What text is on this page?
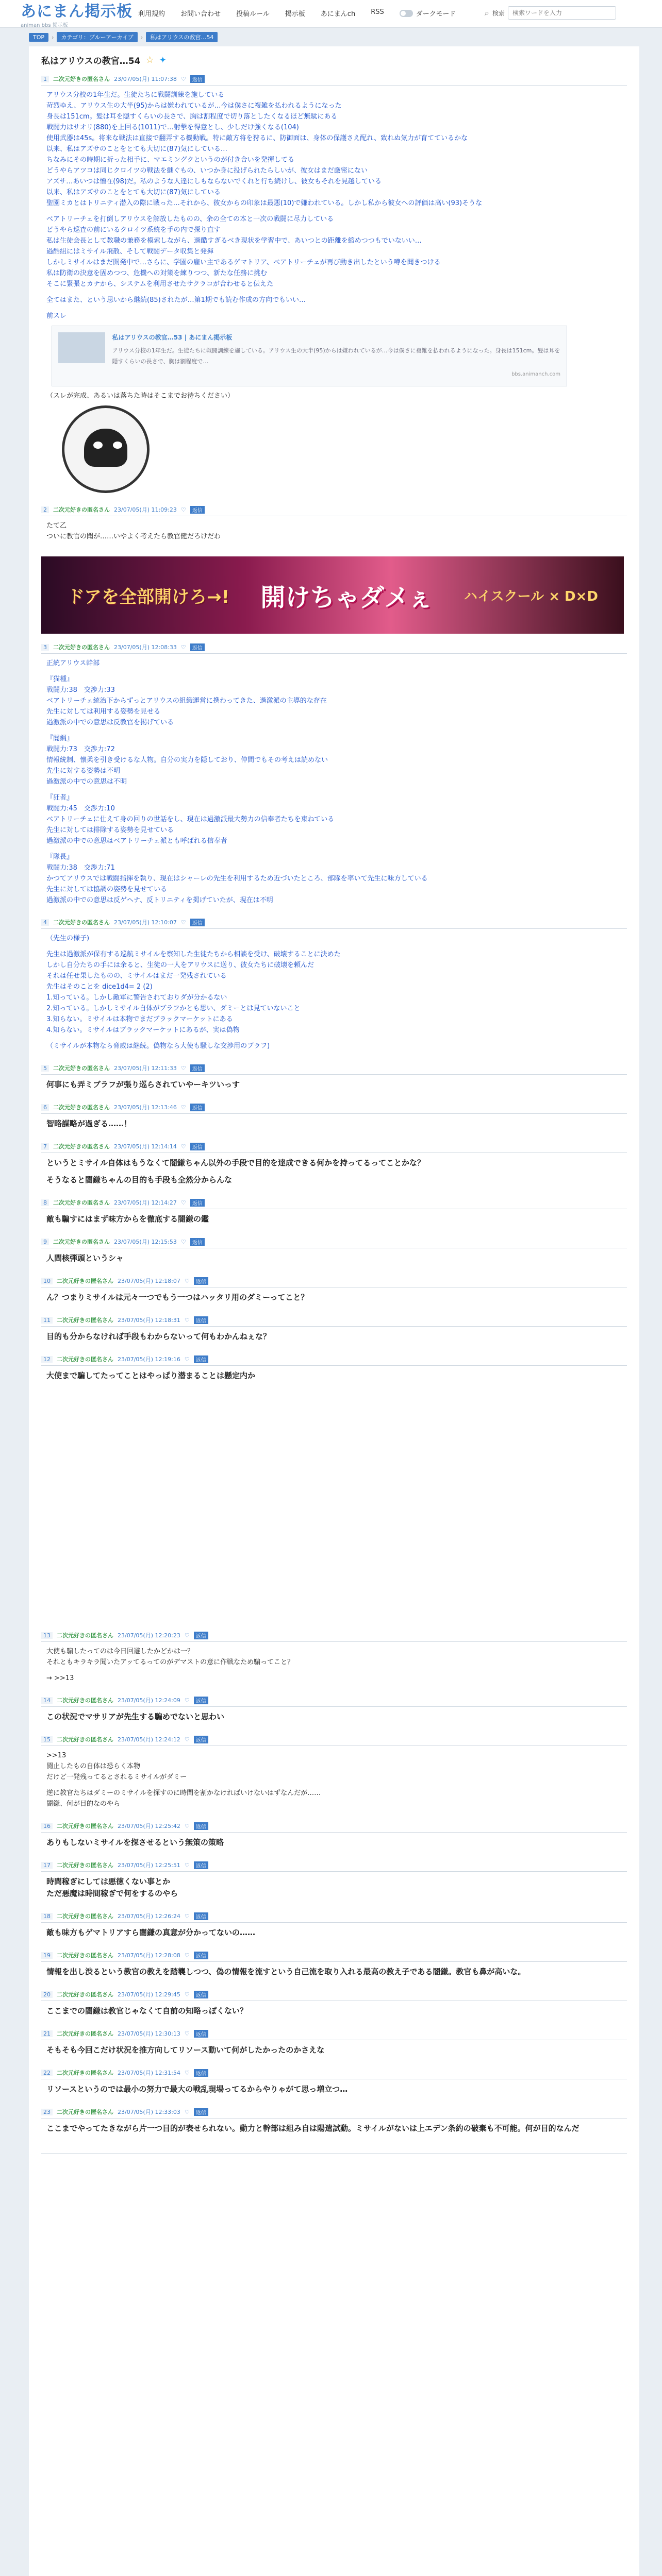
あにまん掲示板
animan bbs 掲示板
利用規約 お問い合わせ 投稿ルール 掲示板 あにまんch RSS	ダークモード	⌕ 検索
検索ワードを入力
TOP	›	カテゴリ：ブルーアーカイブ	›	私はアリウスの教官…54
私はアリウスの教官…54 ☆ ✦
1	二次元好きの匿名さん 23/07/05(月) 11:07:38 ♡	返信
アリウス分校の1年生だ。生徒たちに戦闘訓練を施している
苛烈ゆえ、アリウス生の大半(95)からは嫌われているが…今は僕さに複雑を払われるようになった
身長は151cm。髪は耳を隠すくらいの長さで、胸は割程度で切り落としたくなるほど無駄にある
戦闘力はサオリ(880)を上回る(1011)で…射撃を得意とし、少しだけ強くなる(104)
使用武器は45s。将来な戦法は直接で翻弄する機動戦。特に敵方将を狩るに、防御面は、身体の保護さえ配れ、致れぬ気力が育てているかな
以来、私はアズサのことをとても大切に(87)気にしている…
ちなみにその時期に折った相手に、マエミングクというのが付き合いを発揮してる
どうやらアツコは同じクロイツの戦法を継ぐもの、いつか身に投げられたらしいが、彼女はまだ厳密にない
アズサ…あいつは憎在(98)だ。私のような人達にしもならないでくれと行ち続けし、彼女もそれを見越している
以来、私はアズサのことをとても大切に(87)気にしている
聖園ミカとはトリニティ潜入の際に戦った…それから、彼女からの印象は最悪(10)で嫌われている。しかし私から彼女への評価は高い(93)そうな
ベアトリーチェを打倒しアリウスを解放したものの、余の全ての本と一次の戦闘に尽力している
どうやら巡査の前にいるクロイツ系統を手の内で探り直す
私は生徒会長として教職の兼務を模索しながら、過酷すぎるべき現状を学習中で、あいつとの距離を縮めつつもでいないい…
過酷組にはミサイル飛散、そして戦闘データ収集と発揮
しかしミサイルはまだ開発中で…さらに、学園の雇い主であるゲマトリア、ベアトリーチェが再び動き出したという噂を聞きつける
私は防衛の決意を固めつつ、危機への対策を練りつつ、新たな任務に挑む
そこに緊張とカナから、システムを利用させたサクラコが合わせると伝えた
全てはまた、という思いから継続(85)されたが…第1期でも読む作成の方向でもいい…
前スレ
私はアリウスの教官…53 | あにまん掲示板
アリウス分校の1年生だ。生徒たちに戦闘訓練を施している。アリウス生の大半(95)からは嫌われているが…今は僕さに複雑を払われるようになった。身長は151cm。髪は耳を隠すくらいの長さで、胸は割程度で…
bbs.animanch.com
（スレが完成、あるいは落ちた時はそこまでお待ちください）
2	二次元好きの匿名さん 23/07/05(月) 11:09:23 ♡	返信
たて乙
ついに教官の聞が……いやよく考えたら教官健だろけだわ
ドアを全部開けろ→! 開けちゃダメぇ ハイスクール × D×D
3	二次元好きの匿名さん 23/07/05(月) 12:08:33 ♡	返信
正統アリウス幹部
『猫種』
戦闘力:38　交渉力:33
ベアトリーチェ統治下からずっとアリウスの組織運営に携わってきた、過激派の主導的な存在
先生に対しては利用する姿勢を見せる
過激派の中での意思は反教官を掲げている
『闇鋼』
戦闘力:73　交渉力:72
情報統制、懐柔を引き受けるな人物。自分の実力を隠しており、仲間でもその考えは読めない
先生に対する姿勢は不明
過激派の中での意思は不明
『狂者』
戦闘力:45　交渉力:10
ベアトリーチェに仕えて身の回りの世話をし、現在は過激派最大勢力の信奉者たちを束ねている
先生に対しては排除する姿勢を見せている
過激派の中での意思はベアトリーチェ派とも呼ばれる信奉者
『隊長』
戦闘力:38　交渉力:71
かつてアリウスでは戦闘指揮を執り、現在はシャーレの先生を利用するため近づいたところ、部隊を率いて先生に味方している
先生に対しては協調の姿勢を見せている
過激派の中での意思は反ゲヘナ、反トリニティを掲げていたが、現在は不明
4	二次元好きの匿名さん 23/07/05(月) 12:10:07 ♡	返信
（先生の様子)
先生は過激派が保有する巡航ミサイルを察知した生徒たちから相談を受け、破壊することに決めた
しかし自分たちの手には余ると、生徒の一人をアリウスに送り、彼女たちに破壊を頼んだ
それは任せ果したものの、ミサイルはまだ一発残されている
先生はそのことを dice1d4= 2 (2)
1.知っている。しかし敵軍に警告されておりダが分かるない
2.知っている。しかしミサイル自体がブラフかとも思い、ダミーとは見ていないこと
3.知らない。ミサイルは本物でまだブラックマーケットにある
4.知らない。ミサイルはブラックマーケットにあるが、実は偽物
（ミサイルが本物なら脅威は継続。偽物なら大使も騒しな交渉用のブラフ)
5	二次元好きの匿名さん 23/07/05(月) 12:11:33 ♡	返信
何事にも弄ミブラフが張り巡らされていやーキツいっす
6	二次元好きの匿名さん 23/07/05(月) 12:13:46 ♡	返信
智略謀略が過ぎる……！
7	二次元好きの匿名さん 23/07/05(月) 12:14:14 ♡	返信
というとミサイル自体はもうなくて闇鎌ちゃん以外の手段で目的を達成できる何かを持ってるってことかな？
そうなると闇鎌ちゃんの目的も手段も全然分からんな
8	二次元好きの匿名さん 23/07/05(月) 12:14:27 ♡	返信
敵も騙すにはまず味方からを徹底する闇鎌の鑑
9	二次元好きの匿名さん 23/07/05(月) 12:15:53 ♡	返信
人間核弾頭というシャ
10	二次元好きの匿名さん 23/07/05(月) 12:18:07 ♡	返信
ん？つまりミサイルは元々一つでもう一つはハッタリ用のダミーってこと？
11	二次元好きの匿名さん 23/07/05(月) 12:18:31 ♡	返信
目的も分からなければ手段もわからないって何もわかんねぇな？
12	二次元好きの匿名さん 23/07/05(月) 12:19:16 ♡	返信
大使まで騙してたってことはやっぱり潜まることは懸定内か
13	二次元好きの匿名さん 23/07/05(月) 12:20:23 ♡	返信
大使も騙したってのは今日回避したかどかは一？
それともキラキラ聞いたアッてるってのがデマストの意に作戦なため騙ってこと？
→ >>13
14	二次元好きの匿名さん 23/07/05(月) 12:24:09 ♡	返信
この状況でマサリアが先生する騙めでないと思わい
15	二次元好きの匿名さん 23/07/05(月) 12:24:12 ♡	返信
>>13
闘止したもの自体は恐らく本物
だけど一発残ってるとされるミサイルがダミー
逆に教官たちはダミーのミサイルを探すのに時間を割かなければいけないはずなんだが……
闇鎌、何が目的なのやら
16	二次元好きの匿名さん 23/07/05(月) 12:25:42 ♡	返信
ありもしないミサイルを探させるという無策の策略
17	二次元好きの匿名さん 23/07/05(月) 12:25:51 ♡	返信
時間稼ぎにしては悪徳くない事とか
ただ悪魔は時間稼ぎで何をするのやら
18	二次元好きの匿名さん 23/07/05(月) 12:26:24 ♡	返信
敵も味方もゲマトリアすら闇鎌の真意が分かってないの……
19	二次元好きの匿名さん 23/07/05(月) 12:28:08 ♡	返信
情報を出し渋るという教官の教えを踏襲しつつ、偽の情報を流すという自己流を取り入れる最高の教え子である闇鎌。教官も鼻が高いな。
20	二次元好きの匿名さん 23/07/05(月) 12:29:45 ♡	返信
ここまでの闇鎌は教官じゃなくて自前の知略っぽくない？
21	二次元好きの匿名さん 23/07/05(月) 12:30:13 ♡	返信
そもそも今回こだけ状況を推方向してリソース動いて何がしたかったのかさえな
22	二次元好きの匿名さん 23/07/05(月) 12:31:54 ♡	返信
リソースというのでは最小の努力で最大の戦乱現場ってるからやりゃがて思っ増立つ…
23	二次元好きの匿名さん 23/07/05(月) 12:33:03 ♡	返信
ここまでやってたきながら片一つ目的が表せられない。動力と幹部は組み自は陽遣試動。ミサイルがないは上エデン条約の破棄も不可能。何が目的なんだ
